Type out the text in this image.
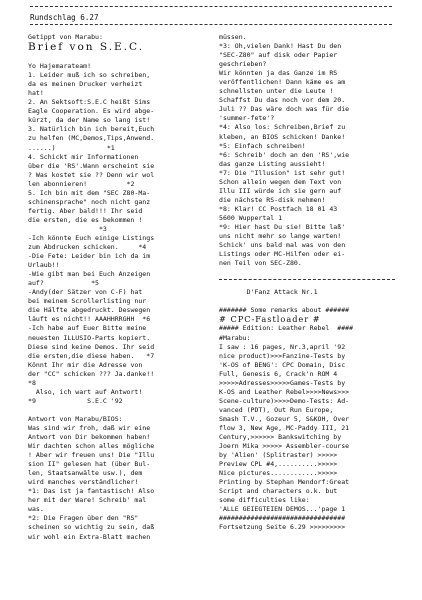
Rundschlag 6.27
Getippt von Marabu:
Brief von S.E.C.
Yo Hajemarateam!
1. Leider muß ich so schreiben,
da es meinen Drucker verheizt
hat!
2. An Sektsoft:S.E.C heißt Sims
Eagle Cooperation. Es wird abge-
kürzt, da der Name so lang ist!
3. Natürlich bin ich bereit,Euch
zu helfen (MC,Demos,Tips,Anwend.
......)             *1
4. Schickt mir Informationen
über die 'RS'.Wann erscheint sie
? Was kostet sie ?? Denn wir wol
len abonnieren!          *2
5. Ich bin mit dem "SEC Z80-Ma-
schinensprache" noch nicht ganz
fertig. Aber bald!!! Ihr seid
die ersten, die es bekommen !
*3
-Ich könnte Euch einige Listings
zum Abdrucken schicken.     *4
-Die Fete: Leider bin ich da im
Urlaub!!
-Wie gibt man bei Euch Anzeigen
auf?            *5
-Andy(der Sätzer von C-F) hat
bei meinem Scrollerlisting nur
die Hälfte abgedruckt. Deswegen
läuft es nicht!! AAAHHRRGHH  *6
-Ich habe auf Euer Bitte meine
neuesten ILLUSIO-Parts kopiert.
Diese sind keine Demos. Ihr seid
die ersten,die diese haben.   *7
Könnt Ihr mir die Adresse von
der "CC" schicken ??? Ja.danke!!
*8
Also, ich wart auf Antwort!
*9             S.E.C '92
Antwort von Marabu/BIOS:
Was sind wir froh, daß wir eine
Antwort von Dir bekommen haben!
Wir dachten schon alles mögliche
! Aber wir freuen uns! Die "Illu
sion II" gelesen hat (über Bul-
len, Staatsanwälte usw.), dem
wird manches verständlicher!
*1: Das ist ja fantastisch! Also
her mit der Ware! Schreib' mal
was.
*2: Die Fragen über den "RS"
scheinen so wichtig zu sein, daß
wir wohl ein Extra-Blatt machen
müssen.
*3: Oh,vielen Dank! Hast Du den
"SEC-Z80" auf disk oder Papier
geschrieben?
Wir könnten ja das Ganze im RS
veröffentlichen! Dann käme es am
schnellsten unter die Leute !
Schaffst Du das noch vor dem 20.
Juli ?? Das wäre doch was für die
'summer-fete'?
*4: Also los: Schreiben,Brief zu
kleben, an BIOS schicken! Danke!
*5: Einfach schreiben!
*6: Schreib' doch an den 'RS',wie
das ganze Listing aussieht!
*7: Die "Illusion" ist sehr gut!
Schon allein wegen dem Text von
Illu III würde ich sie gern auf
die nächste RS-disk nehmen!
*8: Klar! CC Postfach 18 01 43
5600 Wuppertal 1
*9: Hier hast Du sie! Bitte laß'
uns nicht mehr so lange warten!
Schick' uns bald mal was von den
Listings oder MC-Hilfen oder ei-
nen Teil von SEC-Z80.
D'Fanz Attack Nr.1
####### Some remarks about ######
# CPC-Fastloader #
##### Edition: Leather Rebel  ####
#Marabu:
I saw : 16 pages, Nr.3,april '92
nice product)>>>Fanzine-Tests by
'K-OS of BENG': CPC Domain, Disc
Full, Genesis 6, Crack'n ROM 4
>>>>>Adresses>>>>>Games-Tests by
K-OS and Leather Rebel>>>>News>>>
Scene-culture)>>>>Demo-Tests: Ad-
vanced (PDT), Out Run Europe,
Smash T.V., Gozeur 5, S&KOH, Over
flow 3, New Age, MC-Paddy III, 21
Century,>>>>>> Bankswitching by
Joern Mika >>>>> Assembler-course
by 'Alien' (Splitraster) >>>>>
Preview CPL #4,..........>>>>>
Nice pictures............>>>>>
Printing by Stephan Mendorf:Great
Script and characters o.k. but
some difficulties like:
'ALLE GEIEGTEIEN DEMOS...'page 1
################################
Fortsetzung Seite 6.29 >>>>>>>>>
